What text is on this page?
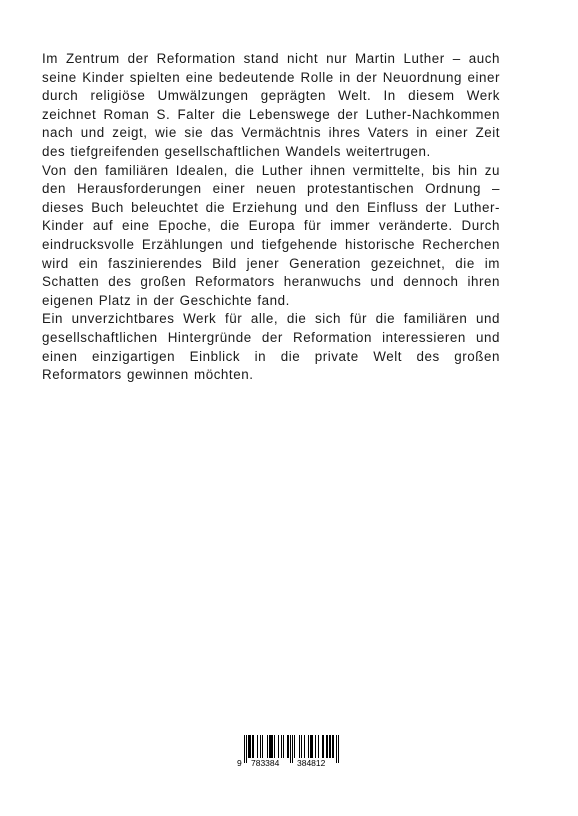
Im Zentrum der Reformation stand nicht nur Martin Luther – auch seine Kinder spielten eine bedeutende Rolle in der Neuordnung einer durch religiöse Umwälzungen geprägten Welt. In diesem Werk zeichnet Roman S. Falter die Lebenswege der Luther-Nachkommen nach und zeigt, wie sie das Vermächtnis ihres Vaters in einer Zeit des tiefgreifenden gesellschaftlichen Wandels weitertrugen.

Von den familiären Idealen, die Luther ihnen vermittelte, bis hin zu den Herausforderungen einer neuen protestantischen Ordnung – dieses Buch beleuchtet die Erziehung und den Einfluss der Luther-Kinder auf eine Epoche, die Europa für immer veränderte. Durch eindrucksvolle Erzählungen und tiefgehende historische Recherchen wird ein faszinierendes Bild jener Generation gezeichnet, die im Schatten des großen Reformators heranwuchs und dennoch ihren eigenen Platz in der Geschichte fand.

Ein unverzichtbares Werk für alle, die sich für die familiären und gesellschaftlichen Hintergründe der Reformation interessieren und einen einzigartigen Einblick in die private Welt des großen Reformators gewinnen möchten.

9 783384 384812
